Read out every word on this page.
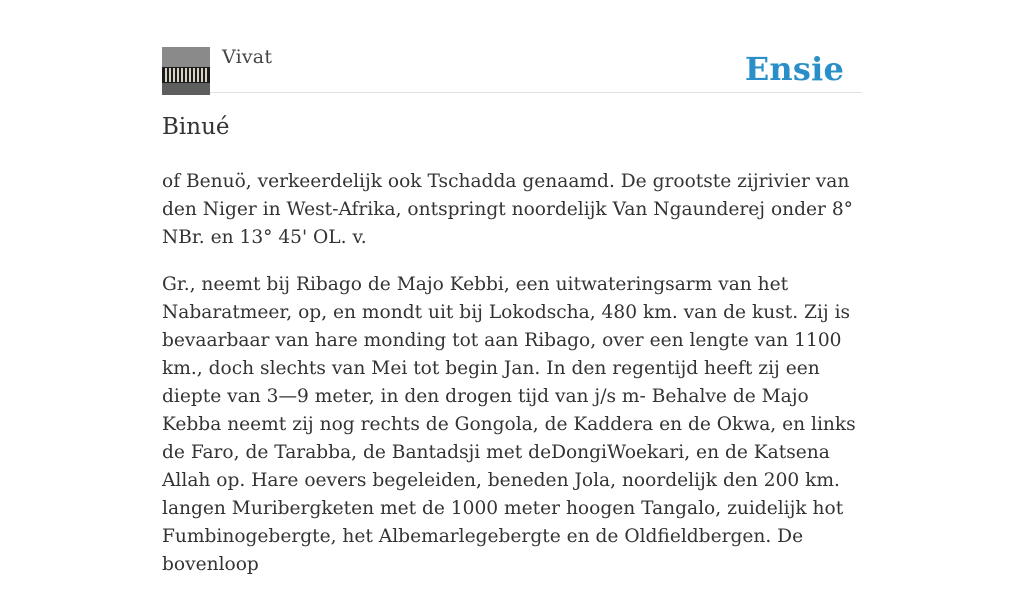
Vivat	Ensie
Binué

of Benuö, verkeerdelijk ook Tschadda genaamd. De grootste zijrivier van den Niger in West-Afrika, ontspringt noordelijk Van Ngaunderej onder 8° NBr. en 13° 45' OL. v.

Gr., neemt bij Ribago de Majo Kebbi, een uitwateringsarm van het Nabaratmeer, op, en mondt uit bij Lokodscha, 480 km. van de kust. Zij is bevaarbaar van hare monding tot aan Ribago, over een lengte van 1100 km., doch slechts van Mei tot begin Jan. In den regentijd heeft zij een diepte van 3—9 meter, in den drogen tijd van j/s m- Behalve de Majo Kebba neemt zij nog rechts de Gongola, de Kaddera en de Okwa, en links de Faro, de Tarabba, de Bantadsji met deDongiWoekari, en de Katsena Allah op. Hare oevers begeleiden, beneden Jola, noordelijk den 200 km. langen Muribergketen met de 1000 meter hoogen Tangalo, zuidelijk hot Fumbinogebergte, het Albemarlegebergte en de Oldfieldbergen. De bovenloop
